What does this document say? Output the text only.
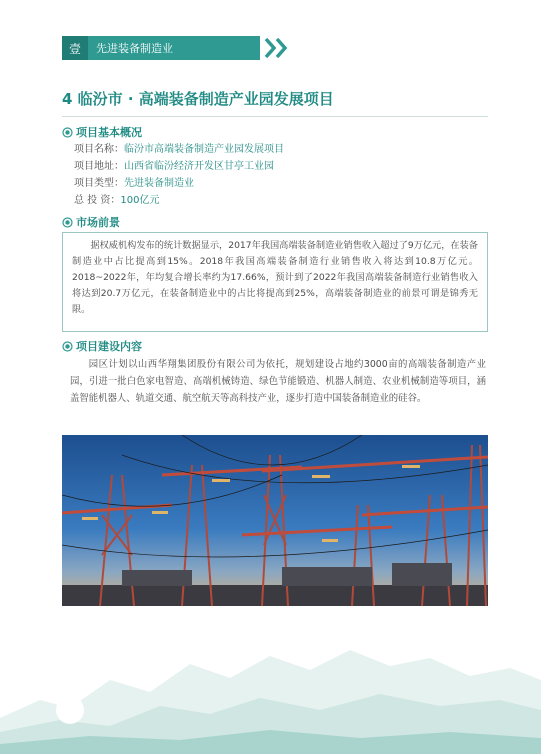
壹	先进装备制造业
4 临汾市 · 高端装备制造产业园发展项目
项目基本概况
项目名称： 临汾市高端装备制造产业园发展项目
项目地址： 山西省临汾经济开发区甘亭工业园
项目类型： 先进装备制造业
总 投 资： 100亿元
市场前景
据权威机构发布的统计数据显示，2017年我国高端装备制造业销售收入超过了9万亿元，在装备制造业中占比提高到15%。2018年我国高端装备制造行业销售收入将达到10.8万亿元。2018~2022年，年均复合增长率约为17.66%，预计到了2022年我国高端装备制造行业销售收入将达到20.7万亿元，在装备制造业中的占比将提高到25%，高端装备制造业的前景可谓是锦秀无限。
项目建设内容
园区计划以山西华翔集团股份有限公司为依托，规划建设占地约3000亩的高端装备制造产业园，引进一批白色家电智造、高端机械铸造、绿色节能锻造、机器人制造、农业机械制造等项目，涵盖智能机器人、轨道交通、航空航天等高科技产业，逐步打造中国装备制造业的硅谷。
